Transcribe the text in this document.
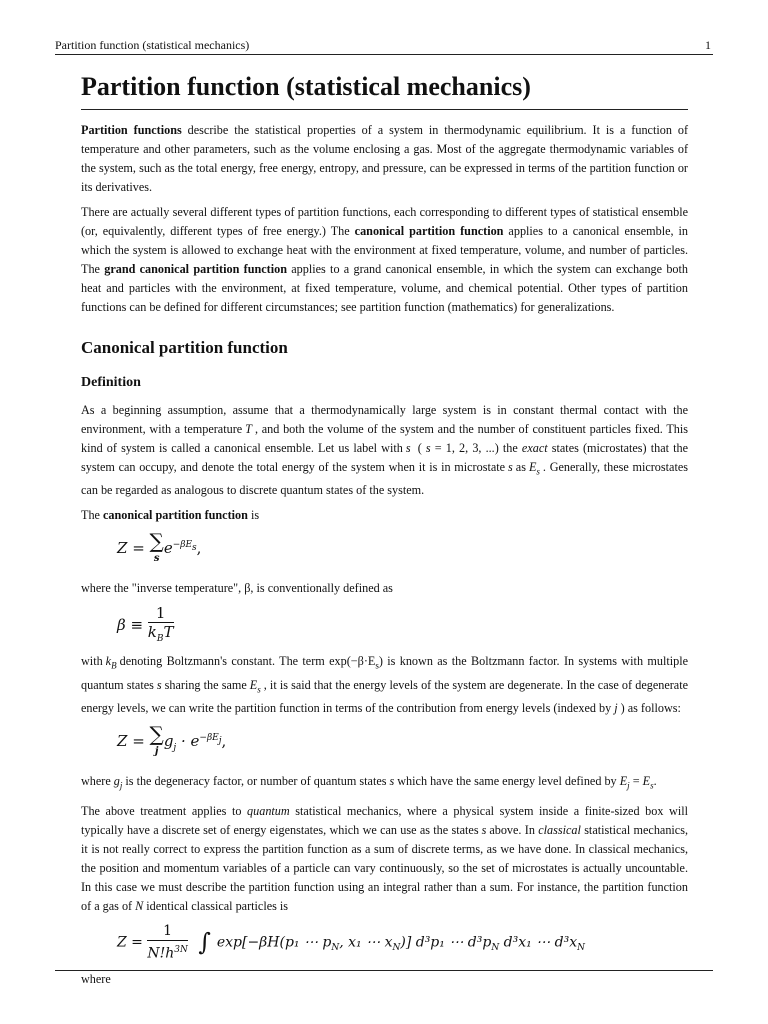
Partition function (statistical mechanics)	1
Partition function (statistical mechanics)

Partition functions describe the statistical properties of a system in thermodynamic equilibrium. It is a function of temperature and other parameters, such as the volume enclosing a gas. Most of the aggregate thermodynamic variables of the system, such as the total energy, free energy, entropy, and pressure, can be expressed in terms of the partition function or its derivatives.

There are actually several different types of partition functions, each corresponding to different types of statistical ensemble (or, equivalently, different types of free energy.) The canonical partition function applies to a canonical ensemble, in which the system is allowed to exchange heat with the environment at fixed temperature, volume, and number of particles. The grand canonical partition function applies to a grand canonical ensemble, in which the system can exchange both heat and particles with the environment, at fixed temperature, volume, and chemical potential. Other types of partition functions can be defined for different circumstances; see partition function (mathematics) for generalizations.

Canonical partition function
Definition

As a beginning assumption, assume that a thermodynamically large system is in constant thermal contact with the environment, with a temperature T , and both the volume of the system and the number of constituent particles fixed. This kind of system is called a canonical ensemble. Let us label with s ( s = 1, 2, 3, ...) the exact states (microstates) that the system can occupy, and denote the total energy of the system when it is in microstate s as $E_s$ . Generally, these microstates can be regarded as analogous to discrete quantum states of the system.

The canonical partition function is

Z = ∑
s
$e^{-\beta E_s}$,

where the "inverse temperature", β, is conventionally defined as

$\beta \equiv \frac{1}{k_BT}$

with $k_B$ denoting Boltzmann's constant. The term $\exp(-\beta\cdot E_s)$ is known as the Boltzmann factor. In systems with multiple quantum states s sharing the same $E_s$ , it is said that the energy levels of the system are degenerate. In the case of degenerate energy levels, we can write the partition function in terms of the contribution from energy levels (indexed by j ) as follows:

Z = ∑
j
$g_j \cdot e^{-\beta E_j}$,

where $g_j$ is the degeneracy factor, or number of quantum states s which have the same energy level defined by $E_j = E_s$.

The above treatment applies to quantum statistical mechanics, where a physical system inside a finite-sized box will typically have a discrete set of energy eigenstates, which we can use as the states s above. In classical statistical mechanics, it is not really correct to express the partition function as a sum of discrete terms, as we have done. In classical mechanics, the position and momentum variables of a particle can vary continuously, so the set of microstates is actually uncountable. In this case we must describe the partition function using an integral rather than a sum. For instance, the partition function of a gas of N identical classical particles is

$Z = \frac{1}{N!h^{3N}}$ ∫ exp[−βH(p₁ ⋯ $p_N$, x₁ ⋯ $x_N$)] d³p₁ ⋯ $d^3p_N$ d³x₁ ⋯ $d^3x_N$

where
